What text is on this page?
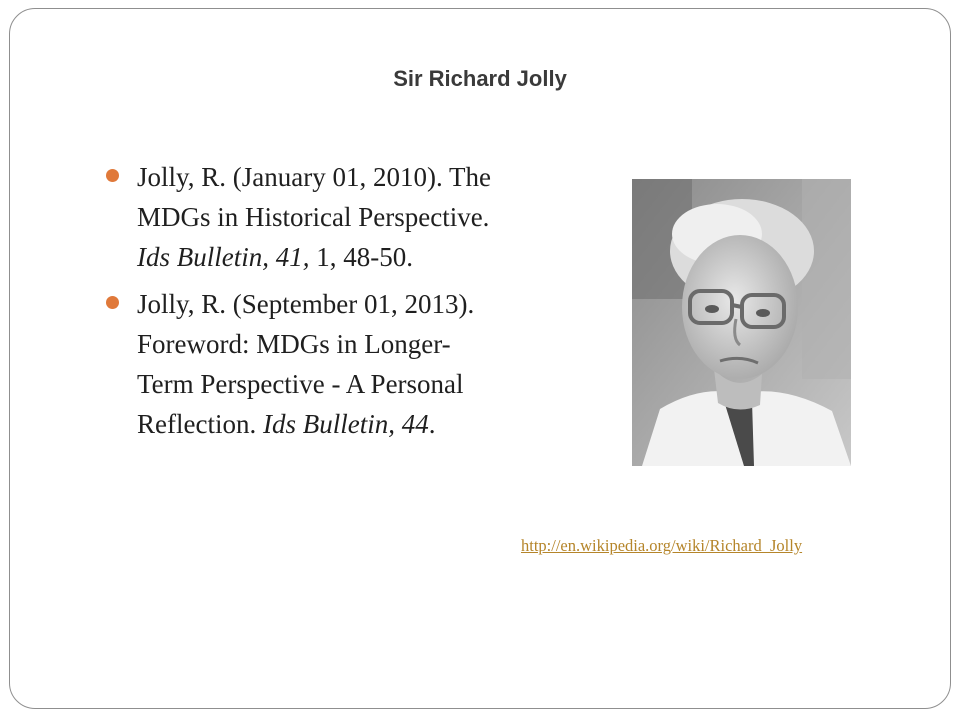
Sir Richard Jolly
Jolly, R. (January 01, 2010). The MDGs in Historical Perspective. Ids Bulletin, 41, 1, 48-50.
Jolly, R. (September 01, 2013). Foreword: MDGs in Longer-Term Perspective - A Personal Reflection. Ids Bulletin, 44.
http://en.wikipedia.org/wiki/Richard_Jolly
